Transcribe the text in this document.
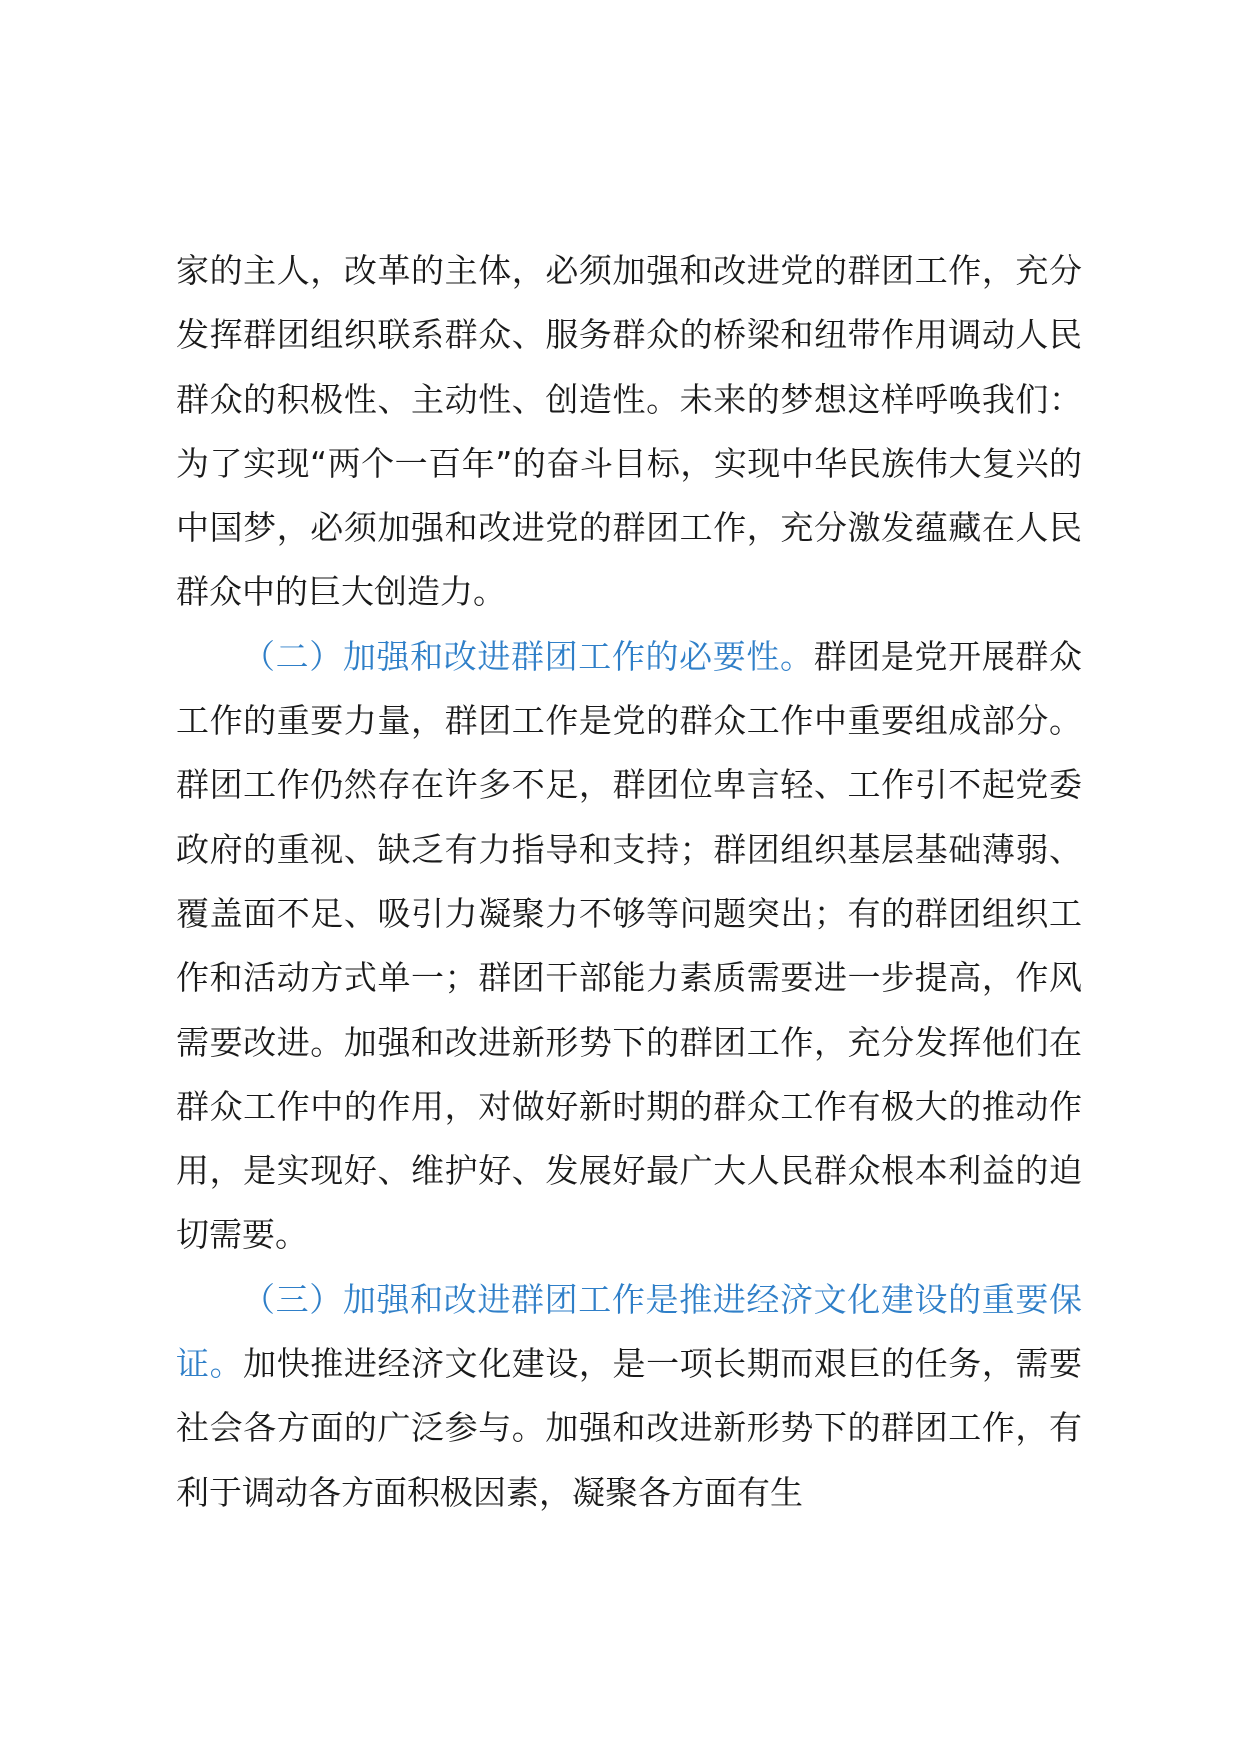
家的主人，改革的主体，必须加强和改进党的群团工作，充分发挥群团组织联系群众、服务群众的桥梁和纽带作用调动人民群众的积极性、主动性、创造性。未来的梦想这样呼唤我们：为了实现“两个一百年”的奋斗目标，实现中华民族伟大复兴的中国梦，必须加强和改进党的群团工作，充分激发蕴藏在人民群众中的巨大创造力。

（二）加强和改进群团工作的必要性。群团是党开展群众工作的重要力量，群团工作是党的群众工作中重要组成部分。群团工作仍然存在许多不足，群团位卑言轻、工作引不起党委政府的重视、缺乏有力指导和支持；群团组织基层基础薄弱、覆盖面不足、吸引力凝聚力不够等问题突出；有的群团组织工作和活动方式单一；群团干部能力素质需要进一步提高，作风需要改进。加强和改进新形势下的群团工作，充分发挥他们在群众工作中的作用，对做好新时期的群众工作有极大的推动作用，是实现好、维护好、发展好最广大人民群众根本利益的迫切需要。

（三）加强和改进群团工作是推进经济文化建设的重要保证。加快推进经济文化建设，是一项长期而艰巨的任务，需要社会各方面的广泛参与。加强和改进新形势下的群团工作，有利于调动各方面积极因素，凝聚各方面有生
